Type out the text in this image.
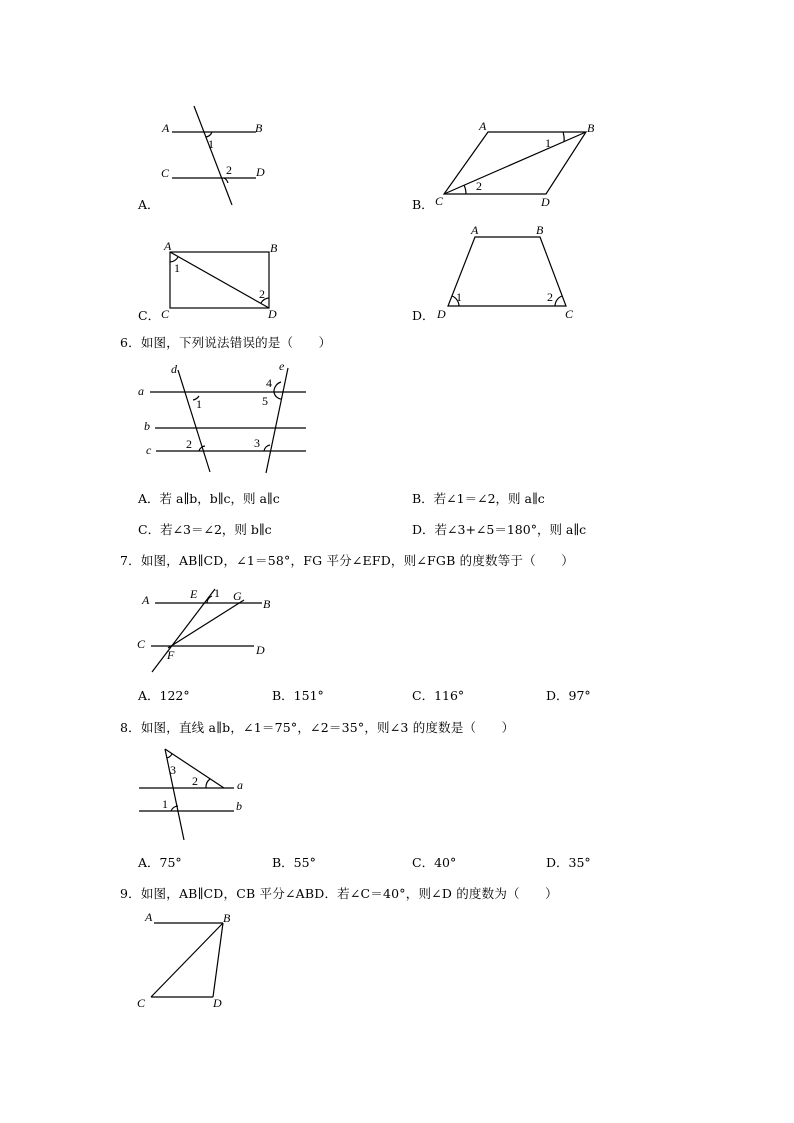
A	B
C	D
1
2
A．
A	B
C	D
1
2
B．
A	B
C	D
1
2
C．
A	B
C
D
1	2
D．
6．如图，下列说法错误的是（　　）
a
b
c
d	e
1
2	3
4
5
A．若 a∥b，b∥c，则 a∥c	B．若∠1＝∠2，则 a∥c
C．若∠3＝∠2，则 b∥c	D．若∠3+∠5＝180°，则 a∥c
7．如图，AB∥CD，∠1＝58°，FG 平分∠EFD，则∠FGB 的度数等于（　　）
A	B
C	D
E
F
G
1
A．122°	B．151°	C．116°	D．97°
8．如图，直线 a∥b，∠1＝75°，∠2＝35°，则∠3 的度数是（　　）
a
b
1
2
3
A．75°	B．55°	C．40°	D．35°
9．如图，AB∥CD，CB 平分∠ABD．若∠C＝40°，则∠D 的度数为（　　）
A	B
C	D
